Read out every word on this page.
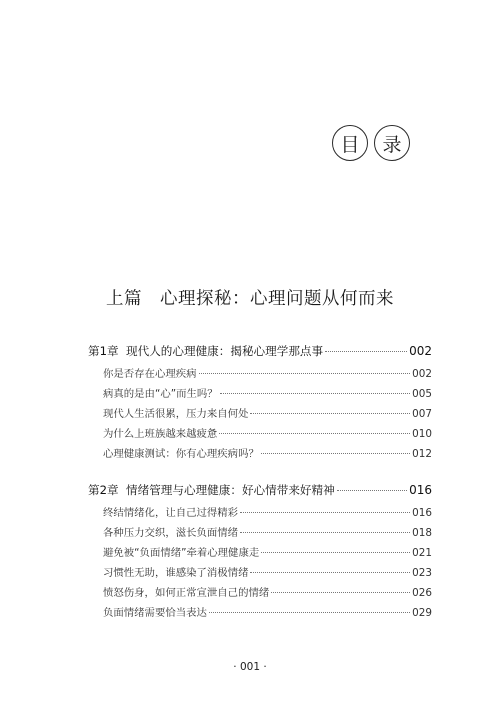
目	录
上篇 心理探秘：心理问题从何而来
第1章 现代人的心理健康：揭秘心理学那点事	002
你是否存在心理疾病	002
病真的是由“心”而生吗？	005
现代人生活很累，压力来自何处	007
为什么上班族越来越疲惫	010
心理健康测试：你有心理疾病吗？	012
第2章 情绪管理与心理健康：好心情带来好精神	016
终结情绪化，让自己过得精彩	016
各种压力交织，滋长负面情绪	018
避免被“负面情绪”牵着心理健康走	021
习惯性无助，谁感染了消极情绪	023
愤怒伤身，如何正常宣泄自己的情绪	026
负面情绪需要恰当表达	029
· 001 ·
